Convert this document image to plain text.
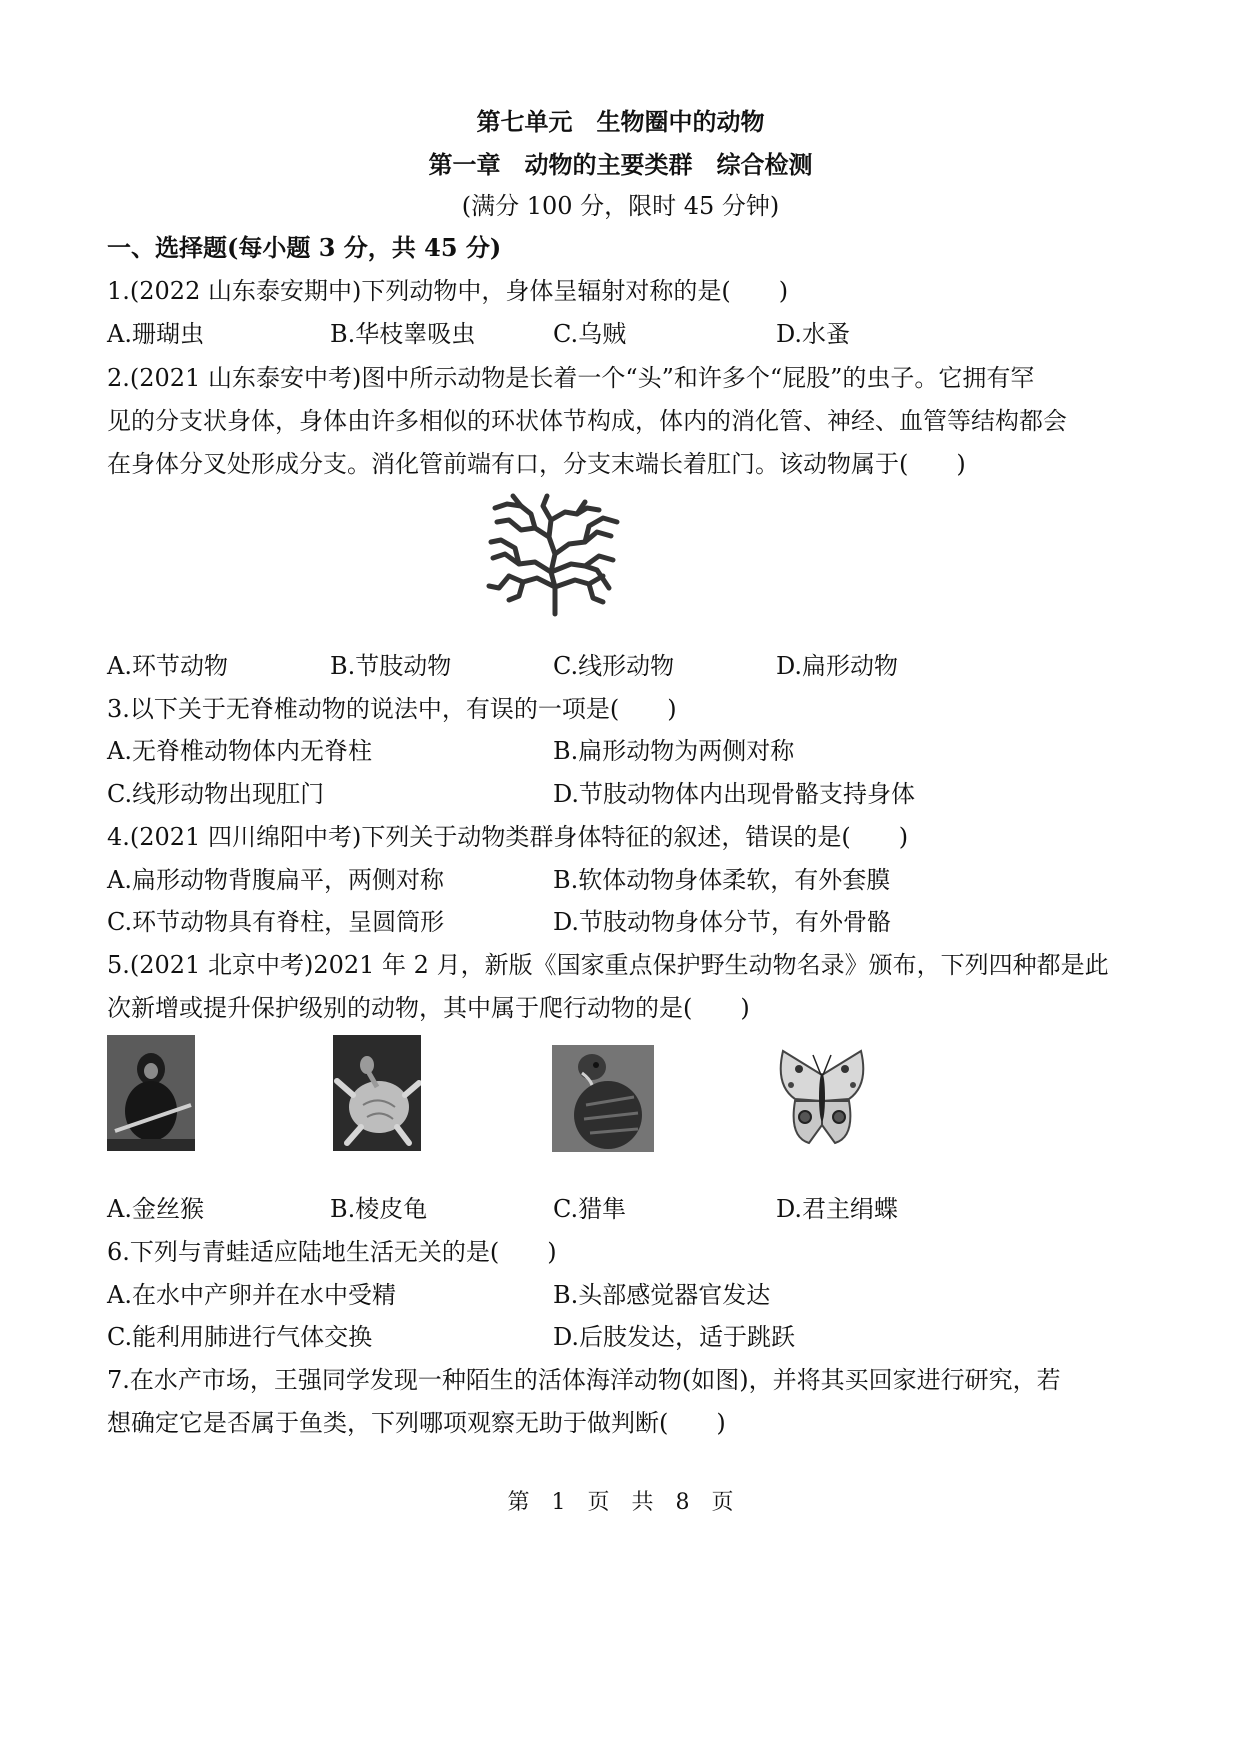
第七单元　生物圈中的动物
第一章　动物的主要类群　综合检测
(满分 100 分，限时 45 分钟)
一、选择题(每小题 3 分，共 45 分)
1.(2022 山东泰安期中)下列动物中，身体呈辐射对称的是(　　)
A.珊瑚虫	B.华枝睾吸虫	C.乌贼	D.水蚤
2.(2021 山东泰安中考)图中所示动物是长着一个“头”和许多个“屁股”的虫子。它拥有罕
见的分支状身体，身体由许多相似的环状体节构成，体内的消化管、神经、血管等结构都会
在身体分叉处形成分支。消化管前端有口，分支末端长着肛门。该动物属于(　　)
A.环节动物	B.节肢动物	C.线形动物	D.扁形动物
3.以下关于无脊椎动物的说法中，有误的一项是(　　)
A.无脊椎动物体内无脊柱	B.扁形动物为两侧对称
C.线形动物出现肛门	D.节肢动物体内出现骨骼支持身体
4.(2021 四川绵阳中考)下列关于动物类群身体特征的叙述，错误的是(　　)
A.扁形动物背腹扁平，两侧对称	B.软体动物身体柔软，有外套膜
C.环节动物具有脊柱，呈圆筒形	D.节肢动物身体分节，有外骨骼
5.(2021 北京中考)2021 年 2 月，新版《国家重点保护野生动物名录》颁布，下列四种都是此
次新增或提升保护级别的动物，其中属于爬行动物的是(　　)
A.金丝猴	B.棱皮龟	C.猎隼	D.君主绢蝶
6.下列与青蛙适应陆地生活无关的是(　　)
A.在水中产卵并在水中受精	B.头部感觉器官发达
C.能利用肺进行气体交换	D.后肢发达，适于跳跃
7.在水产市场，王强同学发现一种陌生的活体海洋动物(如图)，并将其买回家进行研究，若
想确定它是否属于鱼类，下列哪项观察无助于做判断(　　)
第　1　页　共　8　页
